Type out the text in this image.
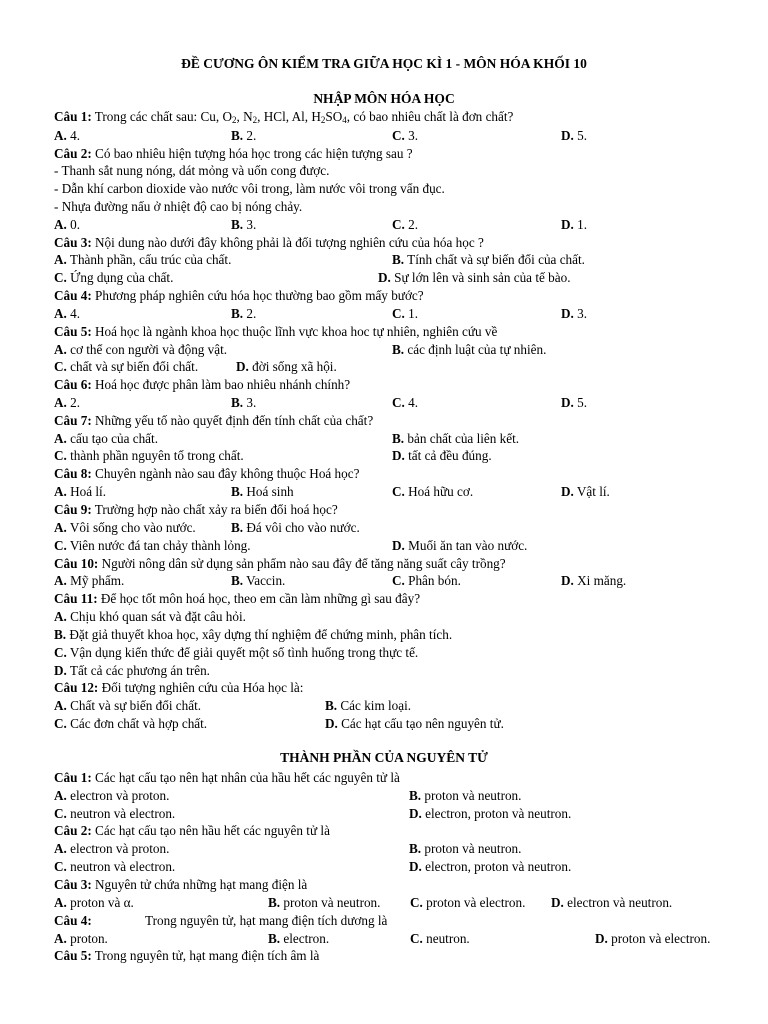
ĐỀ CƯƠNG ÔN KIỂM TRA GIỮA HỌC KÌ 1 - MÔN HÓA KHỐI 10
NHẬP MÔN HÓA HỌC
Câu 1: Trong các chất sau: Cu, $O_2$, $N_2$, HCl, Al, $H_2SO_4$, có bao nhiêu chất là đơn chất?
A. 4.	B. 2.	C. 3.	D. 5.
Câu 2: Có bao nhiêu hiện tượng hóa học trong các hiện tượng sau ?
- Thanh sắt nung nóng, dát mỏng và uốn cong được.
- Dẫn khí carbon dioxide vào nước vôi trong, làm nước vôi trong vẩn đục.
- Nhựa đường nấu ở nhiệt độ cao bị nóng chảy.
A. 0.	B. 3.	C. 2.	D. 1.
Câu 3: Nội dung nào dưới đây không phải là đối tượng nghiên cứu của hóa học ?
A. Thành phần, cấu trúc của chất.	B. Tính chất và sự biến đổi của chất.
C. Ứng dụng của chất.	D. Sự lớn lên và sinh sản của tế bào.
Câu 4: Phương pháp nghiên cứu hóa học thường bao gồm mấy bước?
A. 4.	B. 2.	C. 1.	D. 3.
Câu 5: Hoá học là ngành khoa học thuộc lĩnh vực khoa hoc tự nhiên, nghiên cứu về
A. cơ thể con người và động vật.	B. các định luật của tự nhiên.
C. chất và sự biến đổi chất.	D. đời sống xã hội.
Câu 6: Hoá học được phân làm bao nhiêu nhánh chính?
A. 2.	B. 3.	C. 4.	D. 5.
Câu 7: Những yếu tố nào quyết định đến tính chất của chất?
A. cấu tạo của chất.	B. bản chất của liên kết.
C. thành phần nguyên tố trong chất.	D. tất cả đều đúng.
Câu 8: Chuyên ngành nào sau đây không thuộc Hoá học?
A. Hoá lí.	B. Hoá sinh	C. Hoá hữu cơ.	D. Vật lí.
Câu 9: Trường hợp nào chất xảy ra biến đổi hoá học?
A. Vôi sống cho vào nước.	B. Đá vôi cho vào nước.
C. Viên nước đá tan chảy thành lỏng.	D. Muối ăn tan vào nước.
Câu 10: Người nông dân sử dụng sản phẩm nào sau đây để tăng năng suất cây trồng?
A. Mỹ phẩm.	B. Vaccin.	C. Phân bón.	D. Xi măng.
Câu 11: Để học tốt môn hoá học, theo em cần làm những gì sau đây?
A. Chịu khó quan sát và đặt câu hỏi.
B. Đặt giả thuyết khoa học, xây dựng thí nghiệm để chứng minh, phân tích.
C. Vận dụng kiến thức để giải quyết một số tình huống trong thực tế.
D. Tất cả các phương án trên.
Câu 12: Đối tượng nghiên cứu của Hóa học là:
A. Chất và sự biến đổi chất.	B. Các kim loại.
C. Các đơn chất và hợp chất.	D. Các hạt cấu tạo nên nguyên tử.
THÀNH PHẦN CỦA NGUYÊN TỬ
Câu 1: Các hạt cấu tạo nên hạt nhân của hầu hết các nguyên tử là
A. electron và proton.	B. proton và neutron.
C. neutron và electron.	D. electron, proton và neutron.
Câu 2: Các hạt cấu tạo nên hầu hết các nguyên tử là
A. electron và proton.	B. proton và neutron.
C. neutron và electron.	D. electron, proton và neutron.
Câu 3: Nguyên tử chứa những hạt mang điện là
A. proton và α.	B. proton và neutron. C. proton và electron. D. electron và neutron.
Câu 4:	Trong nguyên tử, hạt mang điện tích dương là
A. proton.	B. electron.	C. neutron.	D. proton và electron.
Câu 5: Trong nguyên tử, hạt mang điện tích âm là
